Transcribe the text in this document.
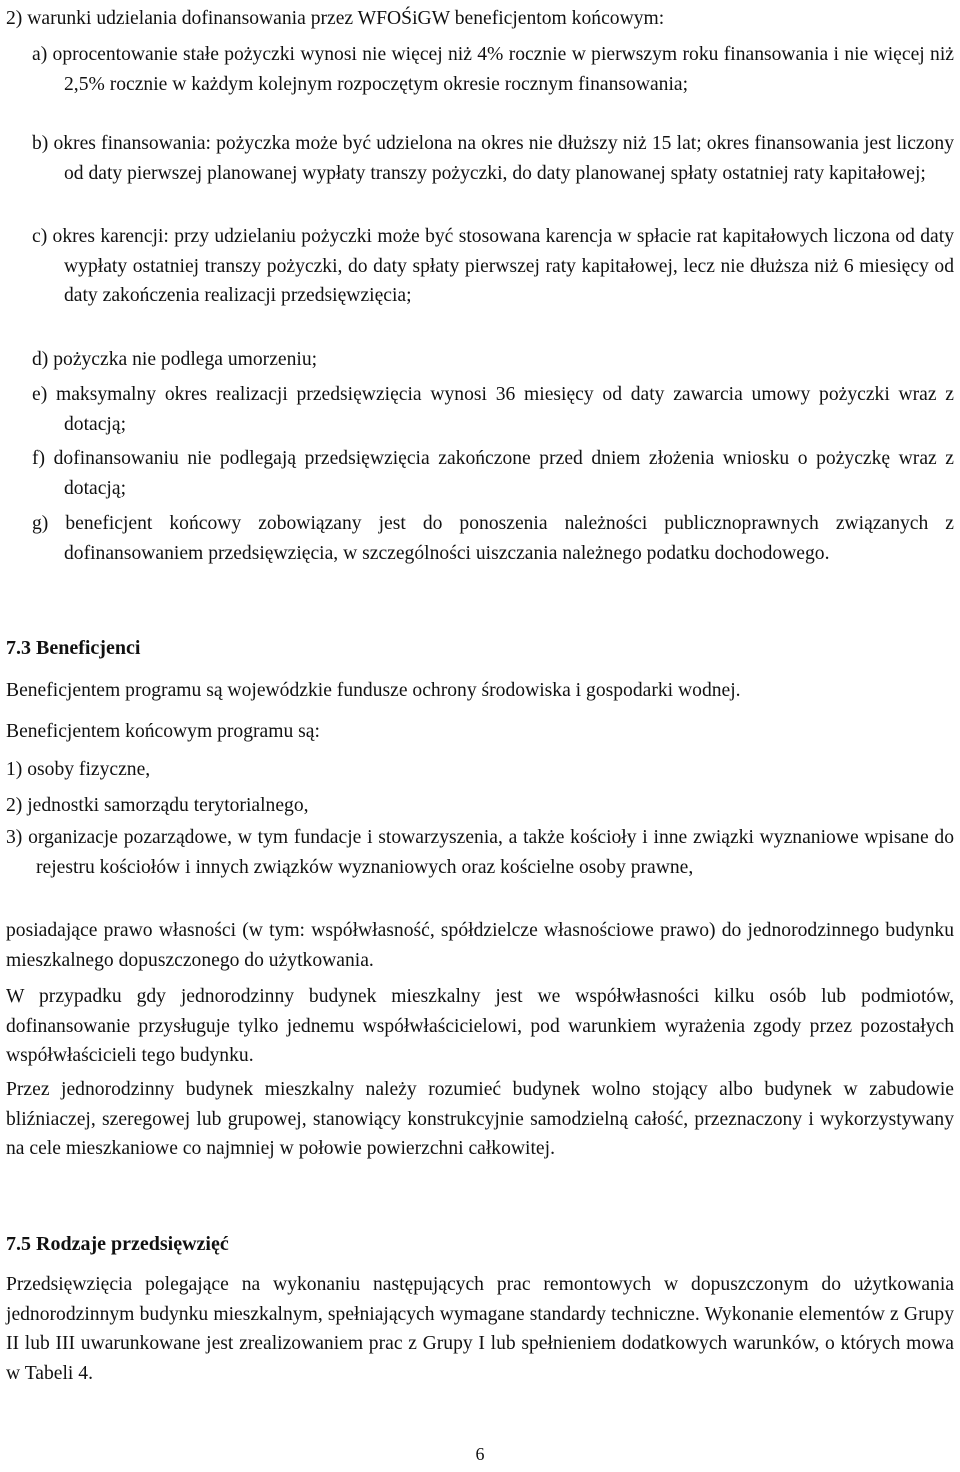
2) warunki udzielania dofinansowania przez WFOŚiGW beneficjentom końcowym:

a) oprocentowanie stałe pożyczki wynosi nie więcej niż 4% rocznie w pierwszym roku finansowania i nie więcej niż 2,5% rocznie w każdym kolejnym rozpoczętym okresie rocznym finansowania;

b) okres finansowania: pożyczka może być udzielona na okres nie dłuższy niż 15 lat; okres finansowania jest liczony od daty pierwszej planowanej wypłaty transzy pożyczki, do daty planowanej spłaty ostatniej raty kapitałowej;

c) okres karencji: przy udzielaniu pożyczki może być stosowana karencja w spłacie rat kapitałowych liczona od daty wypłaty ostatniej transzy pożyczki, do daty spłaty pierwszej raty kapitałowej, lecz nie dłuższa niż 6 miesięcy od daty zakończenia realizacji przedsięwzięcia;

d) pożyczka nie podlega umorzeniu;

e) maksymalny okres realizacji przedsięwzięcia wynosi 36 miesięcy od daty zawarcia umowy pożyczki wraz z dotacją;

f) dofinansowaniu nie podlegają przedsięwzięcia zakończone przed dniem złożenia wniosku o pożyczkę wraz z dotacją;

g) beneficjent końcowy zobowiązany jest do ponoszenia należności publicznoprawnych związanych z dofinansowaniem przedsięwzięcia, w szczególności uiszczania należnego podatku dochodowego.

7.3 Beneficjenci

Beneficjentem programu są wojewódzkie fundusze ochrony środowiska i gospodarki wodnej.

Beneficjentem końcowym programu są:

1) osoby fizyczne,

2) jednostki samorządu terytorialnego,

3) organizacje pozarządowe, w tym fundacje i stowarzyszenia, a także kościoły i inne związki wyznaniowe wpisane do rejestru kościołów i innych związków wyznaniowych oraz kościelne osoby prawne,

posiadające prawo własności (w tym: współwłasność, spółdzielcze własnościowe prawo) do jednorodzinnego budynku mieszkalnego dopuszczonego do użytkowania.

W przypadku gdy jednorodzinny budynek mieszkalny jest we współwłasności kilku osób lub podmiotów, dofinansowanie przysługuje tylko jednemu współwłaścicielowi, pod warunkiem wyrażenia zgody przez pozostałych współwłaścicieli tego budynku.

Przez jednorodzinny budynek mieszkalny należy rozumieć budynek wolno stojący albo budynek w zabudowie bliźniaczej, szeregowej lub grupowej, stanowiący konstrukcyjnie samodzielną całość, przeznaczony i wykorzystywany na cele mieszkaniowe co najmniej w połowie powierzchni całkowitej.

7.5 Rodzaje przedsięwzięć

Przedsięwzięcia polegające na wykonaniu następujących prac remontowych w dopuszczonym do użytkowania jednorodzinnym budynku mieszkalnym, spełniających wymagane standardy techniczne. Wykonanie elementów z Grupy II lub III uwarunkowane jest zrealizowaniem prac z Grupy I lub spełnieniem dodatkowych warunków, o których mowa w Tabeli 4.

6
